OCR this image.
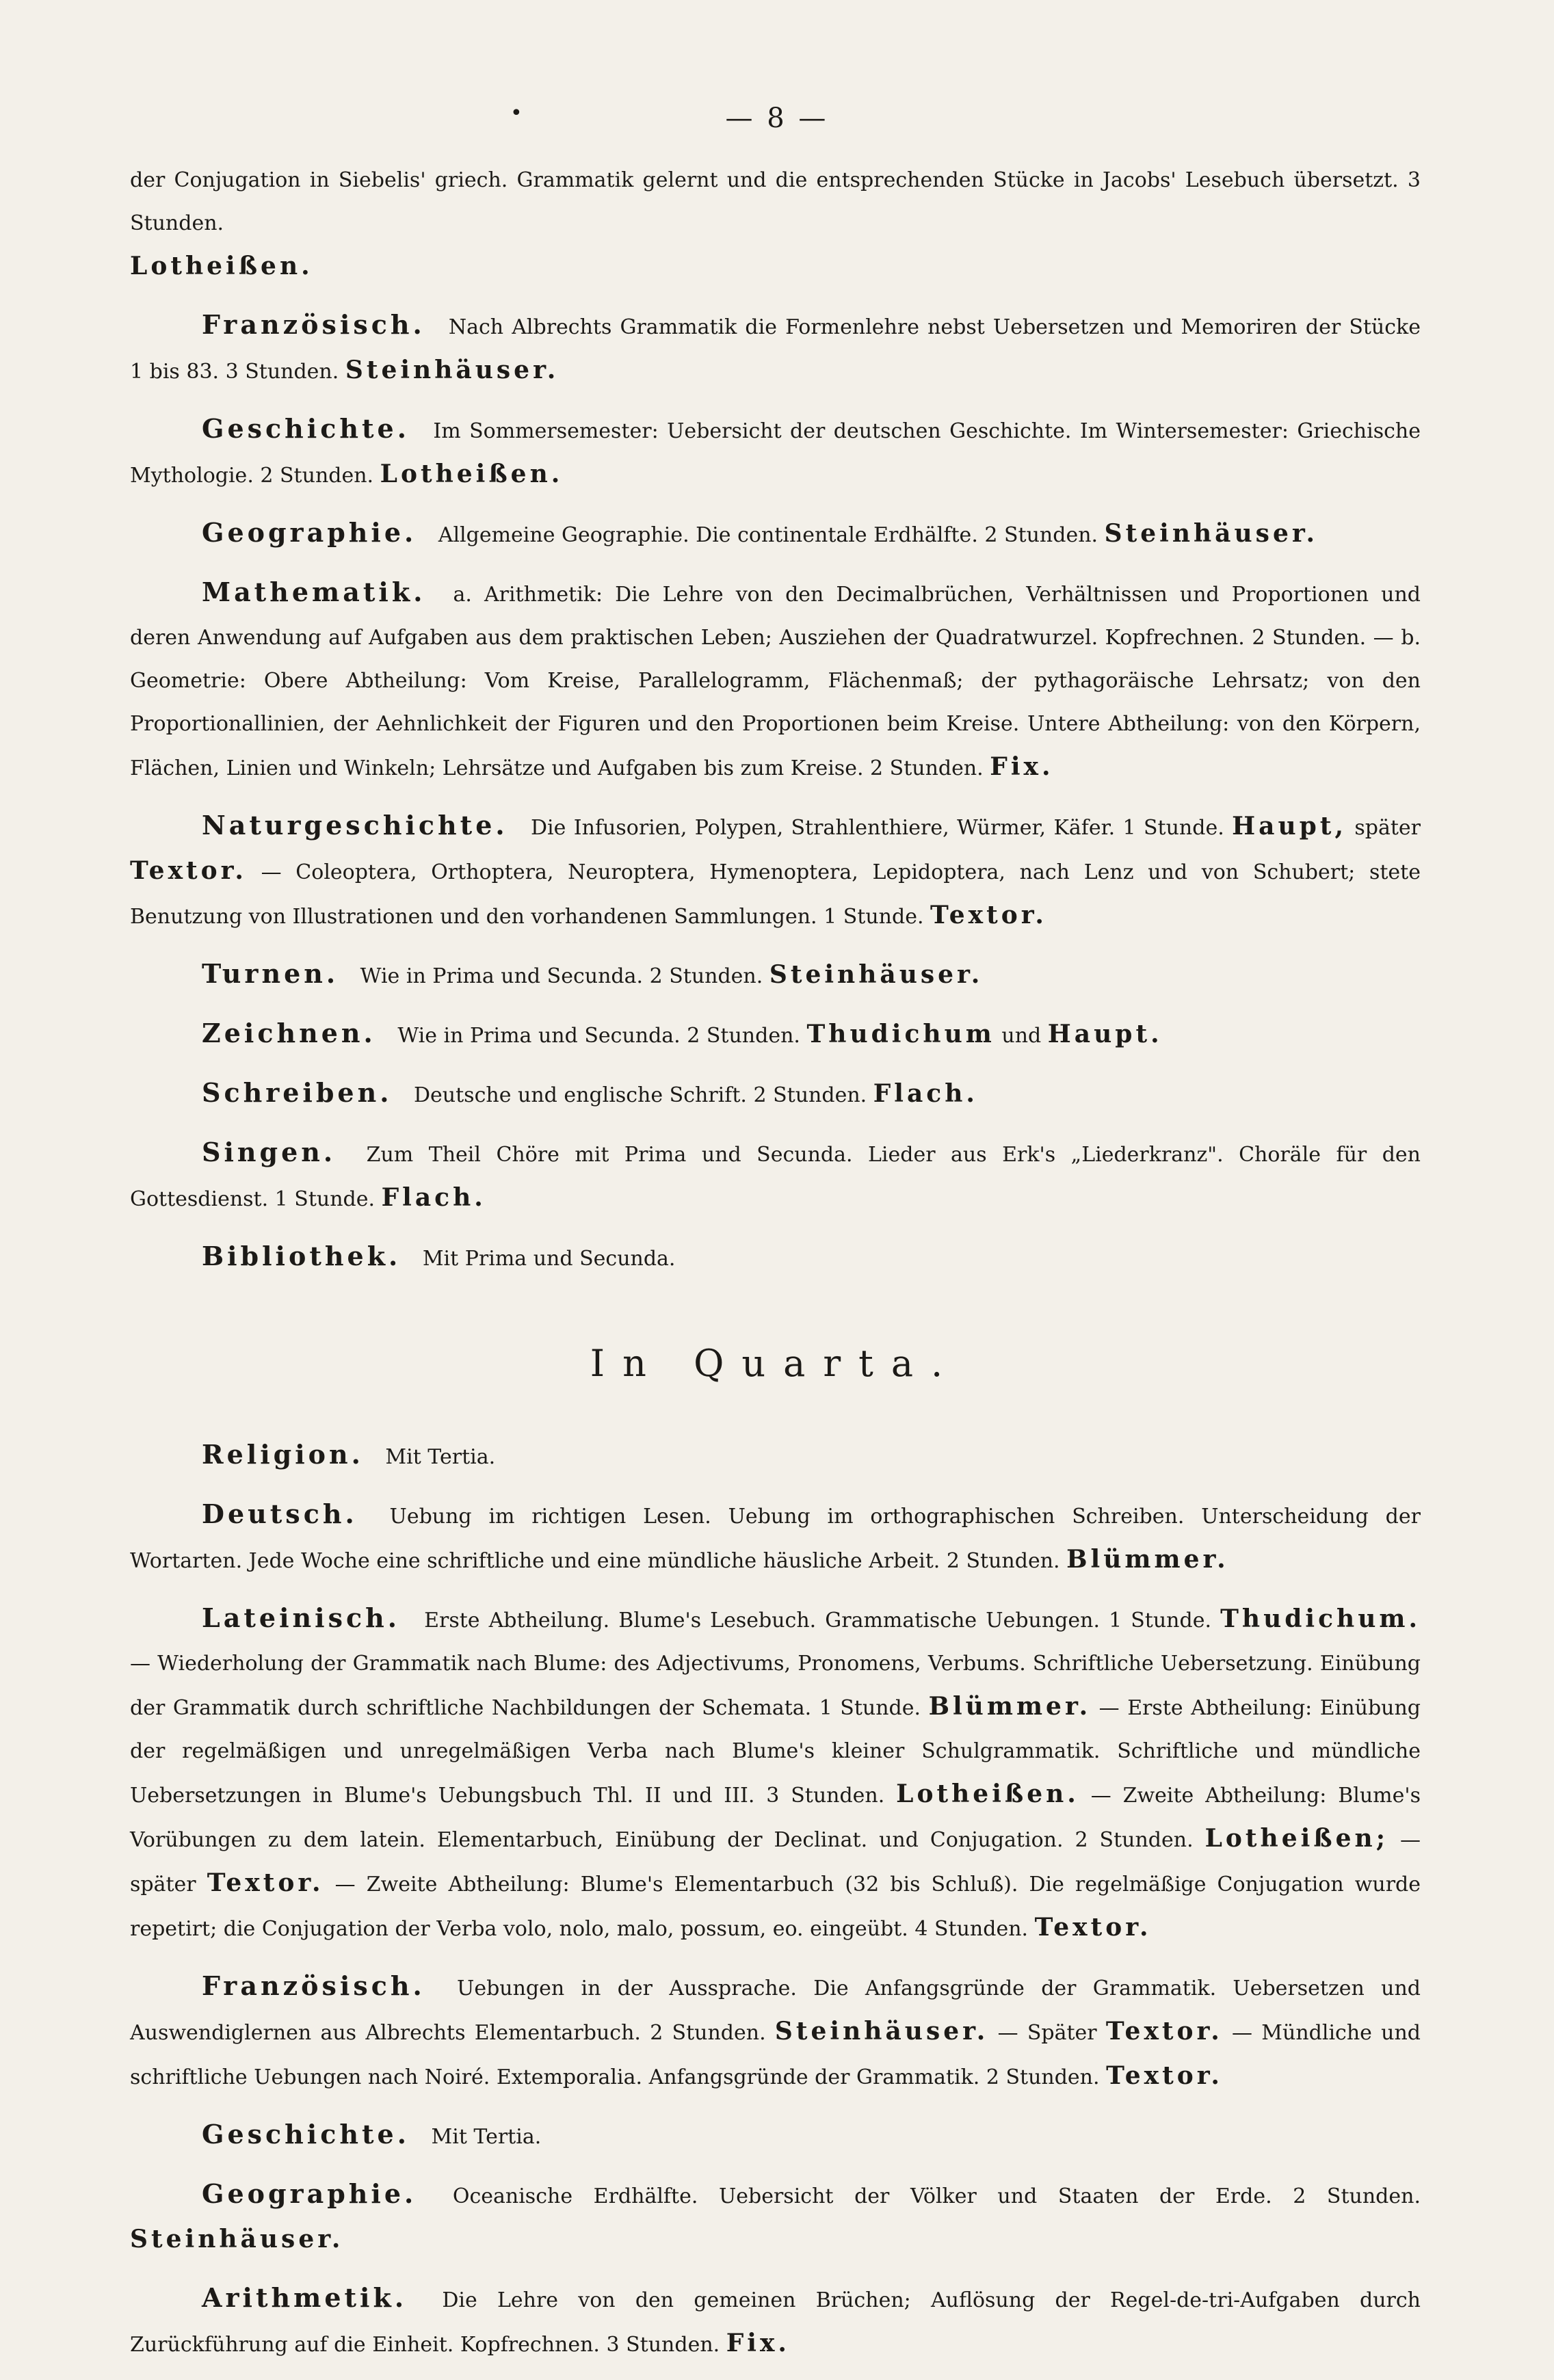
•	— 8 —

der Conjugation in Siebelis' griech. Grammatik gelernt und die entsprechenden Stücke in Jacobs' Lesebuch übersetzt. 3 Stunden.
Lotheißen.

Französisch. Nach Albrechts Grammatik die Formenlehre nebst Uebersetzen und Memoriren der Stücke 1 bis 83. 3 Stunden. Steinhäuser.

Geschichte. Im Sommersemester: Uebersicht der deutschen Geschichte. Im Wintersemester: Griechische Mythologie. 2 Stunden. Lotheißen.

Geographie. Allgemeine Geographie. Die continentale Erdhälfte. 2 Stunden. Steinhäuser.

Mathematik. a. Arithmetik: Die Lehre von den Decimalbrüchen, Verhältnissen und Proportionen und deren Anwendung auf Aufgaben aus dem praktischen Leben; Ausziehen der Quadratwurzel. Kopfrechnen. 2 Stunden. — b. Geometrie: Obere Abtheilung: Vom Kreise, Parallelogramm, Flächenmaß; der pythagoräische Lehrsatz; von den Proportionallinien, der Aehnlichkeit der Figuren und den Proportionen beim Kreise. Untere Abtheilung: von den Körpern, Flächen, Linien und Winkeln; Lehrsätze und Aufgaben bis zum Kreise. 2 Stunden. Fix.

Naturgeschichte. Die Infusorien, Polypen, Strahlenthiere, Würmer, Käfer. 1 Stunde. Haupt, später Textor. — Coleoptera, Orthoptera, Neuroptera, Hymenoptera, Lepidoptera, nach Lenz und von Schubert; stete Benutzung von Illustrationen und den vorhandenen Sammlungen. 1 Stunde. Textor.

Turnen. Wie in Prima und Secunda. 2 Stunden. Steinhäuser.

Zeichnen. Wie in Prima und Secunda. 2 Stunden. Thudichum und Haupt.

Schreiben. Deutsche und englische Schrift. 2 Stunden. Flach.

Singen. Zum Theil Chöre mit Prima und Secunda. Lieder aus Erk's „Liederkranz". Choräle für den Gottesdienst. 1 Stunde. Flach.

Bibliothek. Mit Prima und Secunda.

In Quarta.

Religion. Mit Tertia.

Deutsch. Uebung im richtigen Lesen. Uebung im orthographischen Schreiben. Unterscheidung der Wortarten. Jede Woche eine schriftliche und eine mündliche häusliche Arbeit. 2 Stunden. Blümmer.

Lateinisch. Erste Abtheilung. Blume's Lesebuch. Grammatische Uebungen. 1 Stunde. Thudichum. — Wiederholung der Grammatik nach Blume: des Adjectivums, Pronomens, Verbums. Schriftliche Uebersetzung. Einübung der Grammatik durch schriftliche Nachbildungen der Schemata. 1 Stunde. Blümmer. — Erste Abtheilung: Einübung der regelmäßigen und unregelmäßigen Verba nach Blume's kleiner Schulgrammatik. Schriftliche und mündliche Uebersetzungen in Blume's Uebungsbuch Thl. II und III. 3 Stunden. Lotheißen. — Zweite Abtheilung: Blume's Vorübungen zu dem latein. Elementarbuch, Einübung der Declinat. und Conjugation. 2 Stunden. Lotheißen; — später Textor. — Zweite Abtheilung: Blume's Elementarbuch (32 bis Schluß). Die regelmäßige Conjugation wurde repetirt; die Conjugation der Verba volo, nolo, malo, possum, eo. eingeübt. 4 Stunden. Textor.

Französisch. Uebungen in der Aussprache. Die Anfangsgründe der Grammatik. Uebersetzen und Auswendiglernen aus Albrechts Elementarbuch. 2 Stunden. Steinhäuser. — Später Textor. — Mündliche und schriftliche Uebungen nach Noiré. Extemporalia. Anfangsgründe der Grammatik. 2 Stunden. Textor.

Geschichte. Mit Tertia.

Geographie. Oceanische Erdhälfte. Uebersicht der Völker und Staaten der Erde. 2 Stunden. Steinhäuser.

Arithmetik. Die Lehre von den gemeinen Brüchen; Auflösung der Regel-de-tri-Aufgaben durch Zurückführung auf die Einheit. Kopfrechnen. 3 Stunden. Fix.
